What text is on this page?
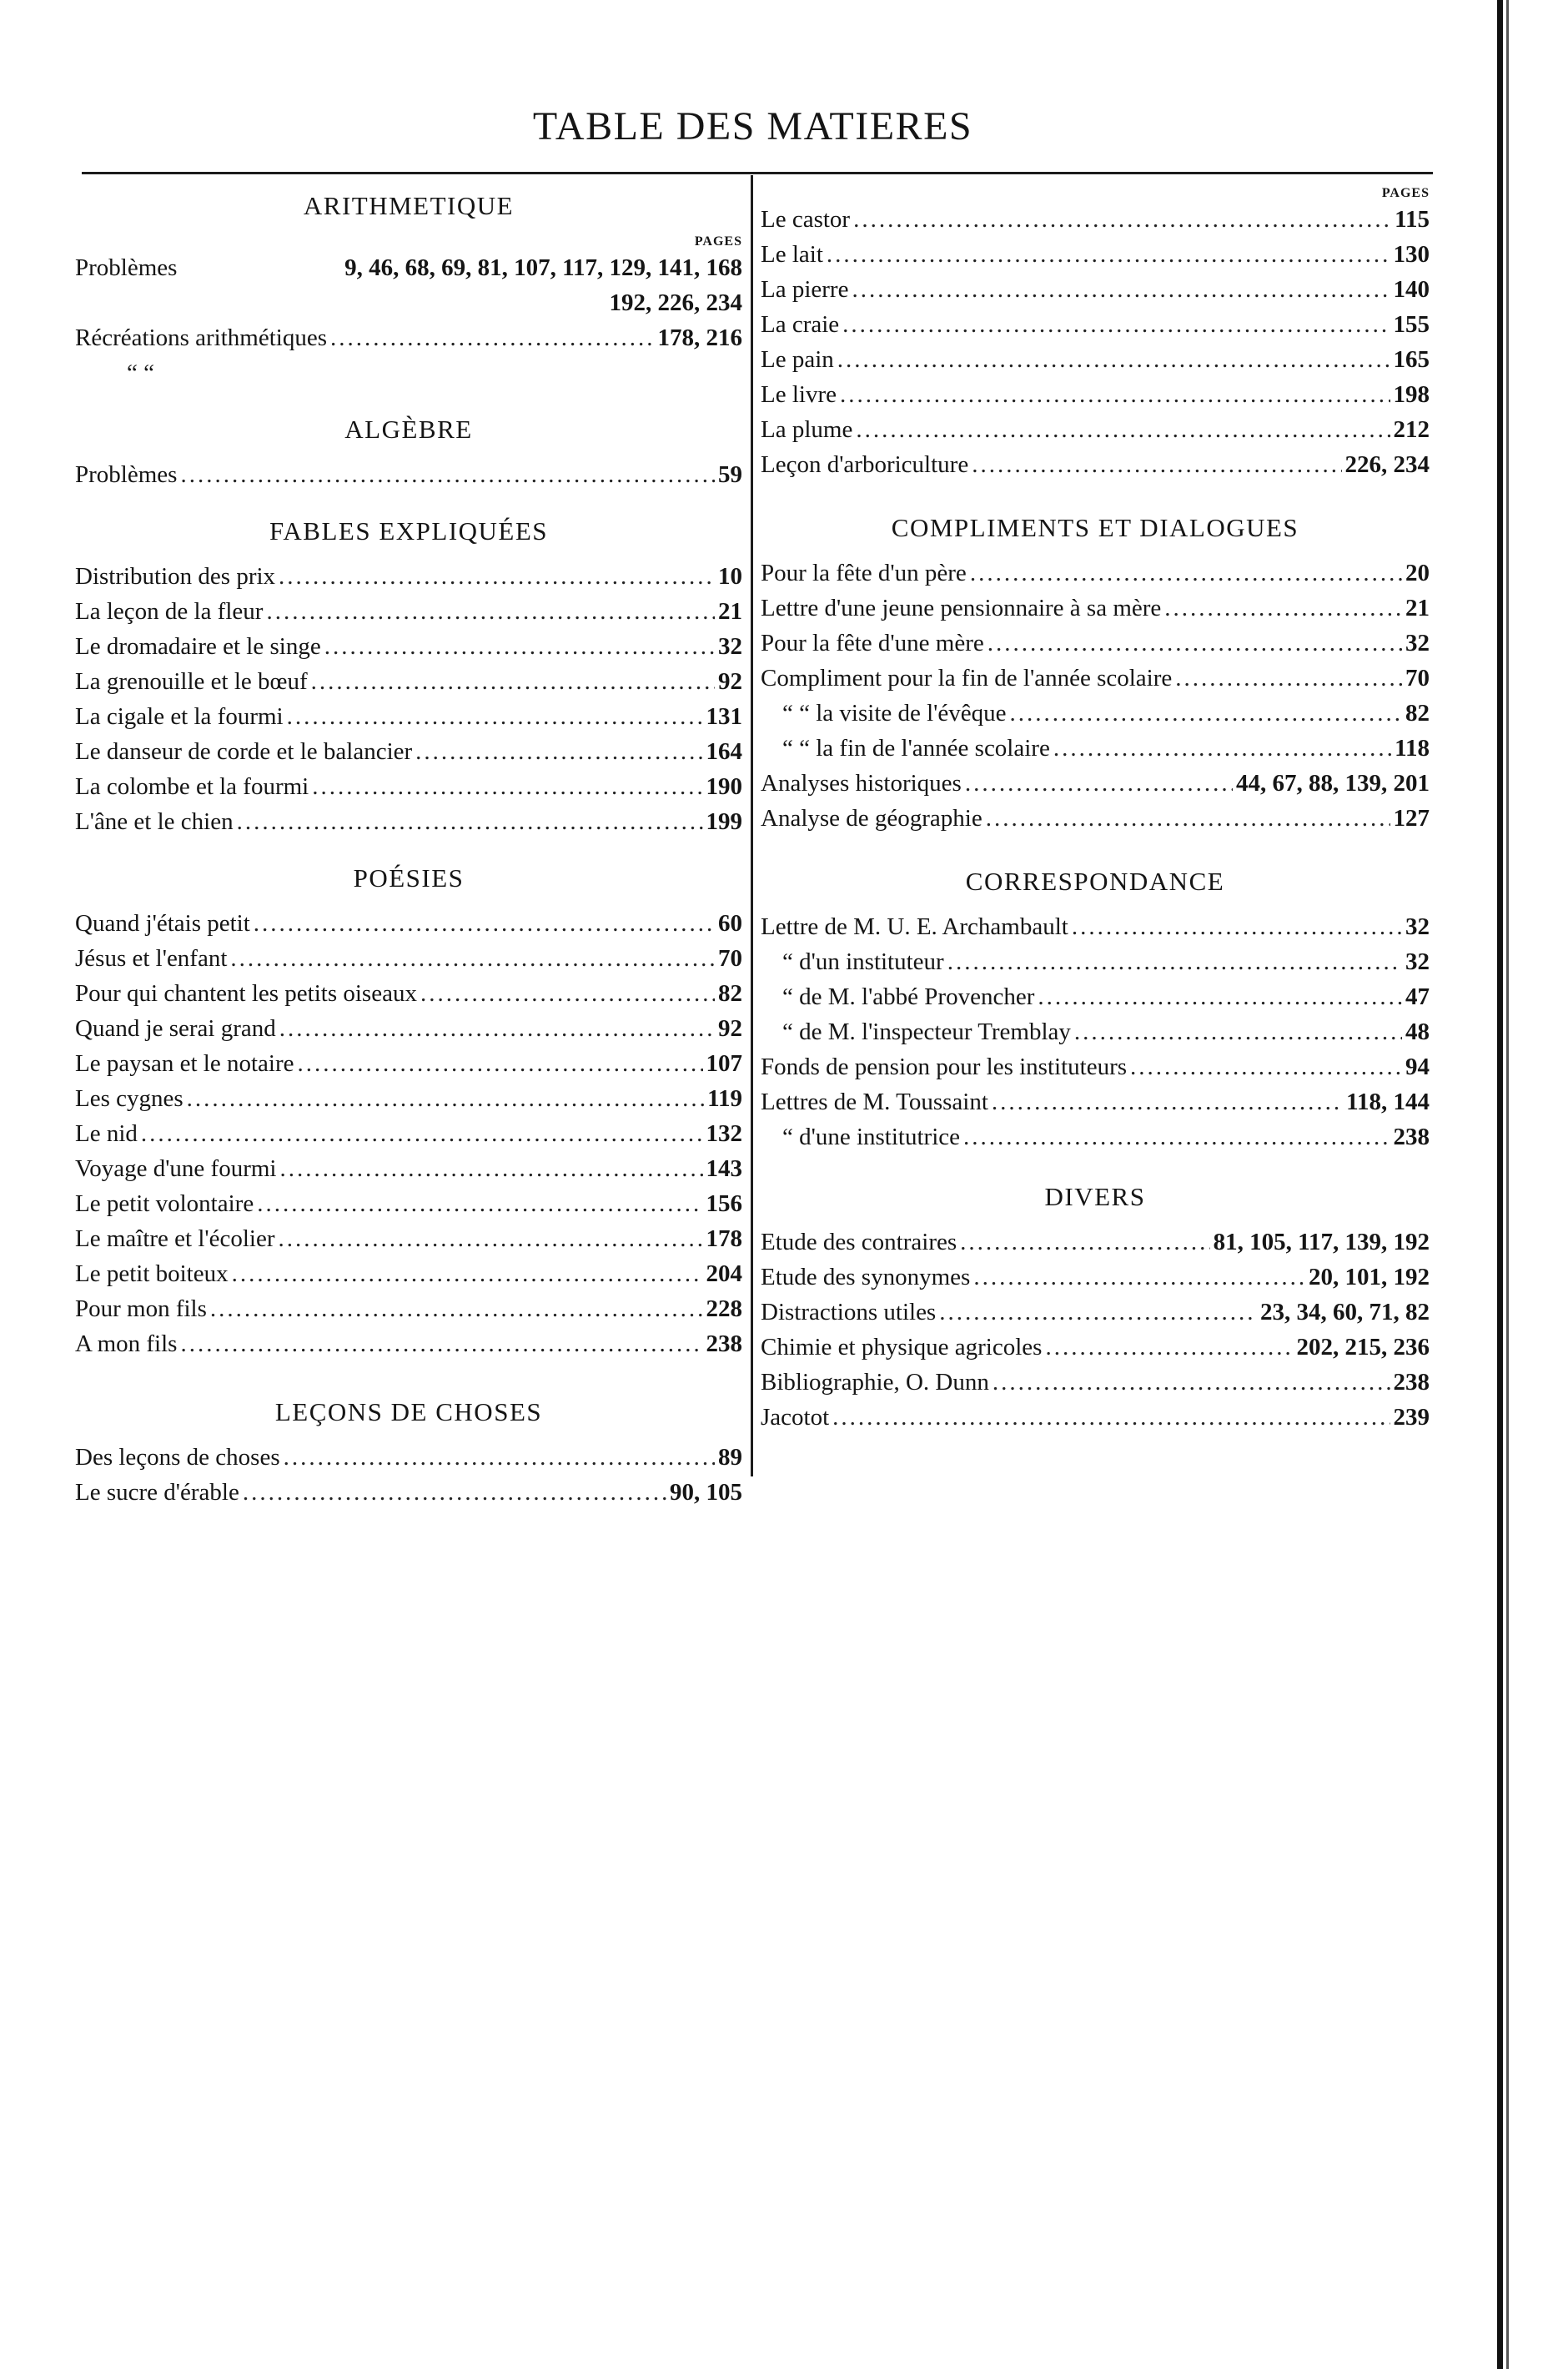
TABLE DES MATIERES
ARITHMETIQUE
PAGES
Problèmes	9, 46, 68, 69, 81, 107, 117, 129, 141, 168
192, 226, 234
Récréations arithmétiques .....	178, 216
“ “
ALGÈBRE
Problèmes .....	59
FABLES EXPLIQUÉES
Distribution des prix .....	10
La leçon de la fleur .....	21
Le dromadaire et le singe .....	32
La grenouille et le bœuf .....	92
La cigale et la fourmi .....	131
Le danseur de corde et le balancier .....	164
La colombe et la fourmi .....	190
L'âne et le chien .....	199
POÉSIES
Quand j'étais petit .....	60
Jésus et l'enfant .....	70
Pour qui chantent les petits oiseaux .....	82
Quand je serai grand .....	92
Le paysan et le notaire .....	107
Les cygnes .....	119
Le nid .....	132
Voyage d'une fourmi .....	143
Le petit volontaire .....	156
Le maître et l'écolier .....	178
Le petit boiteux .....	204
Pour mon fils .....	228
A mon fils .....	238
LEÇONS DE CHOSES
Des leçons de choses .....	89
Le sucre d'érable .....	90, 105
PAGES
Le castor .....	115
Le lait .....	130
La pierre .....	140
La craie .....	155
Le pain .....	165
Le livre .....	198
La plume .....	212
Leçon d'arboriculture .....	226, 234
COMPLIMENTS ET DIALOGUES
Pour la fête d'un père .....	20
Lettre d'une jeune pensionnaire à sa mère .....	21
Pour la fête d'une mère .....	32
Compliment pour la fin de l'année scolaire .....	70
“ “ la visite de l'évêque .....	82
“ “ la fin de l'année scolaire .....	118
Analyses historiques .....	44, 67, 88, 139, 201
Analyse de géographie .....	127
CORRESPONDANCE
Lettre de M. U. E. Archambault .....	32
“ d'un instituteur .....	32
“ de M. l'abbé Provencher .....	47
“ de M. l'inspecteur Tremblay .....	48
Fonds de pension pour les instituteurs .....	94
Lettres de M. Toussaint .....	118, 144
“ d'une institutrice .....	238
DIVERS
Etude des contraires .....	81, 105, 117, 139, 192
Etude des synonymes .....	20, 101, 192
Distractions utiles .....	23, 34, 60, 71, 82
Chimie et physique agricoles .....	202, 215, 236
Bibliographie, O. Dunn .....	238
Jacotot .....	239
